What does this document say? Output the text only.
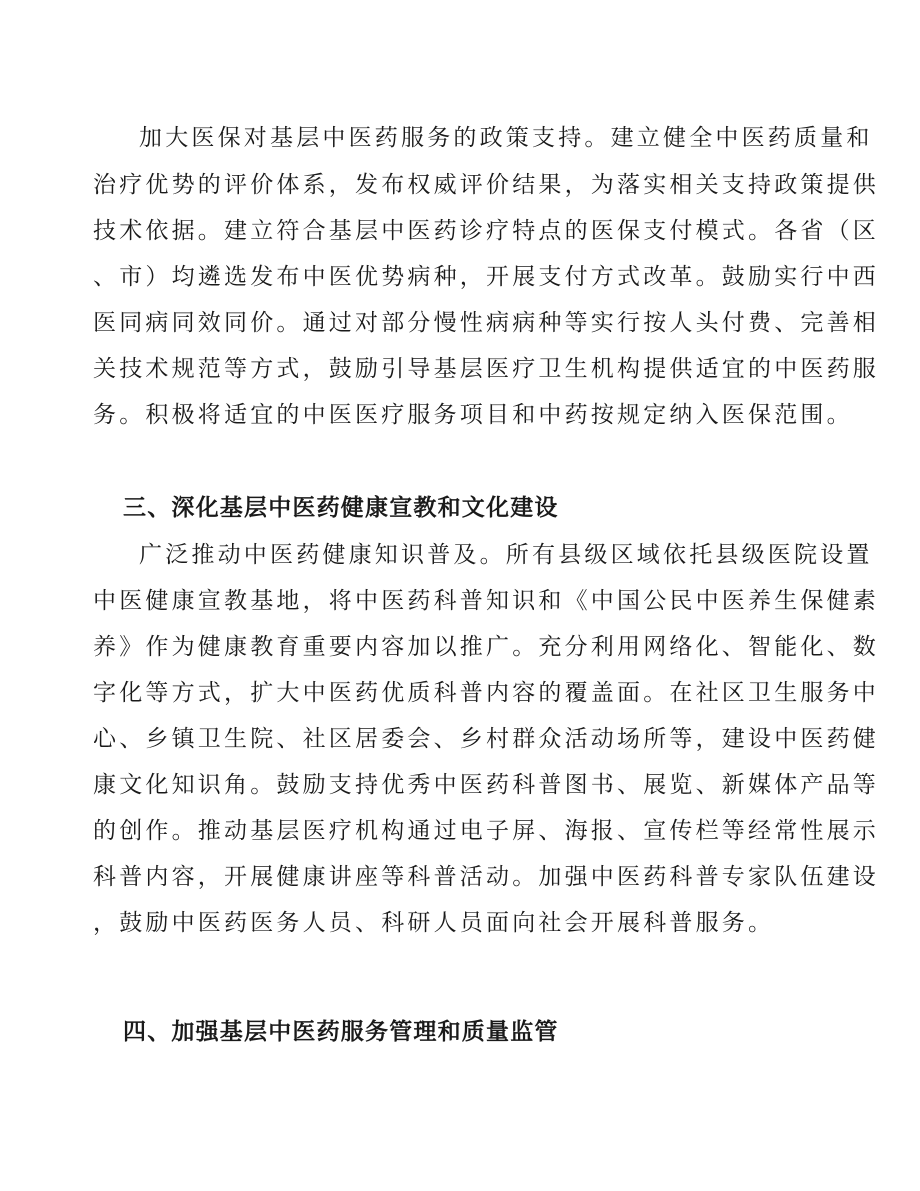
加大医保对基层中医药服务的政策支持。建立健全中医药质量和
治疗优势的评价体系，发布权威评价结果，为落实相关支持政策提供
技术依据。建立符合基层中医药诊疗特点的医保支付模式。各省（区
、市）均遴选发布中医优势病种，开展支付方式改革。鼓励实行中西
医同病同效同价。通过对部分慢性病病种等实行按人头付费、完善相
关技术规范等方式，鼓励引导基层医疗卫生机构提供适宜的中医药服
务。积极将适宜的中医医疗服务项目和中药按规定纳入医保范围。
三、深化基层中医药健康宣教和文化建设
广泛推动中医药健康知识普及。所有县级区域依托县级医院设置
中医健康宣教基地，将中医药科普知识和《中国公民中医养生保健素
养》作为健康教育重要内容加以推广。充分利用网络化、智能化、数
字化等方式，扩大中医药优质科普内容的覆盖面。在社区卫生服务中
心、乡镇卫生院、社区居委会、乡村群众活动场所等，建设中医药健
康文化知识角。鼓励支持优秀中医药科普图书、展览、新媒体产品等
的创作。推动基层医疗机构通过电子屏、海报、宣传栏等经常性展示
科普内容，开展健康讲座等科普活动。加强中医药科普专家队伍建设
，鼓励中医药医务人员、科研人员面向社会开展科普服务。
四、加强基层中医药服务管理和质量监管
